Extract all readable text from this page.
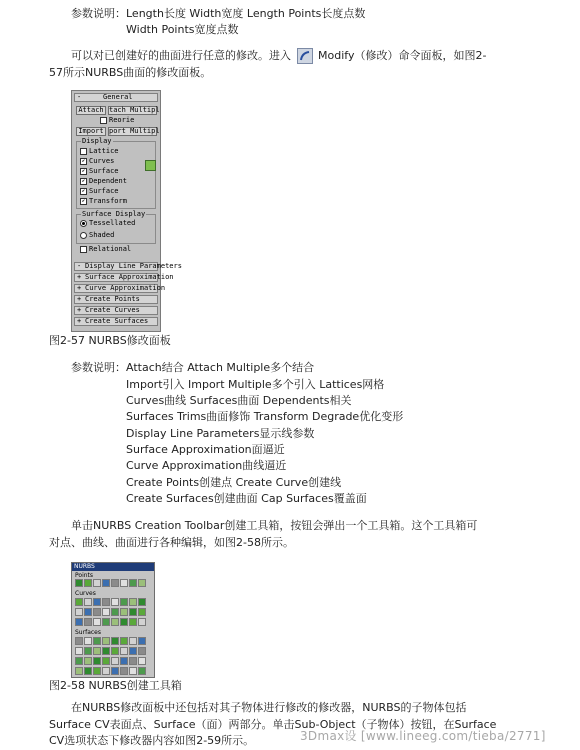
参数说明：Length长度 Width宽度 Length Points长度点数
Width Points宽度点数
可以对已创建好的曲面进行任意的修改。进入 Modify（修改）命令面板，如图2-
57所示NURBS曲面的修改面板。
-	General
Attach tach Multipl
Reorie
Import port Multipl
Display
Lattice
✔ Curves
✔ Surface
✔ Dependent
✔ Surface
✔ Transform
Surface Display
Tessellated
Shaded
Relational
- Display Line Parameters
+ Surface Approximation
+ Curve Approximation
+ Create Points
+ Create Curves
+ Create Surfaces
图2-57 NURBS修改面板
参数说明：Attach结合 Attach Multiple多个结合
Import引入 Import Multiple多个引入 Lattices网格
Curves曲线 Surfaces曲面 Dependents相关
Surfaces Trims曲面修饰 Transform Degrade优化变形
Display Line Parameters显示线参数
Surface Approximation面逼近
Curve Approximation曲线逼近
Create Points创建点 Create Curve创建线
Create Surfaces创建曲面 Cap Surfaces覆盖面
单击NURBS Creation Toolbar创建工具箱，按钮会弹出一个工具箱。这个工具箱可
对点、曲线、曲面进行各种编辑，如图2-58所示。
NURBS
Points
Curves
Surfaces
图2-58 NURBS创建工具箱
在NURBS修改面板中还包括对其子物体进行修改的修改器，NURBS的子物体包括
Surface CV表面点、Surface（面）两部分。单击Sub-Object（子物体）按钮，在Surface
CV选项状态下修改器内容如图2-59所示。	3Dmax设 [www.lineeg.com/tieba/2771]
